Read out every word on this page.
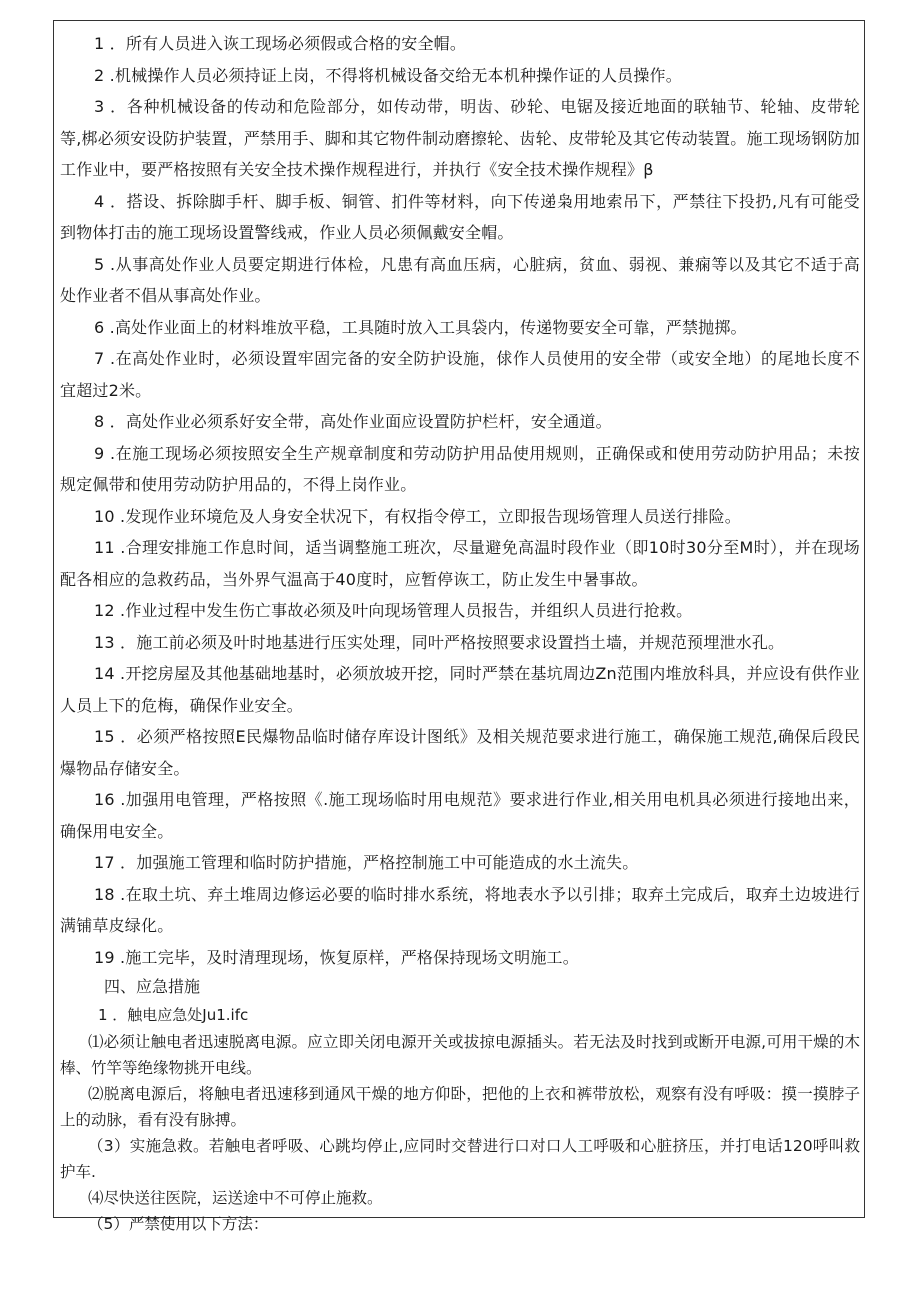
1 ．所有人员进入诙工现场必须假或合格的安全帽。

2 .机械操作人员必须持证上岗，不得将机械设备交给无本机种操作证的人员操作。

3 ．各种机械设备的传动和危险部分，如传动带，明齿、砂轮、电锯及接近地面的联轴节、轮轴、皮带轮等,梆必须安设防护装置，严禁用手、脚和其它物件制动磨擦轮、齿轮、皮带轮及其它传动装置。施工现场钢防加工作业中，要严格按照有关安全技术操作规程进行，并执行《安全技术操作规程》β

4 ．搭设、拆除脚手杆、脚手板、铜管、扪件等材料，向下传递枭用地索吊下，严禁往下投扔,凡有可能受到物体打击的施工现场设置警线戒，作业人员必须佩戴安全帽。

5 .从事高处作业人员要定期进行体检，凡患有高血压病，心脏病，贫血、弱视、兼痫等以及其它不适于高处作业者不倡从事高处作业。

6 .高处作业面上的材料堆放平稳，工具随时放入工具袋内，传递物要安全可靠，严禁抛掷。

7 .在高处作业时，必须设置牢固完备的安全防护设施，俅作人员使用的安全带（或安全地）的尾地长度不宜超过2米。

8 ．高处作业必须系好安全带，高处作业面应设置防护栏杆，安全通道。

9 .在施工现场必须按照安全生产规章制度和劳动防护用品使用规则，正确保或和使用劳动防护用品；未按规定佩带和使用劳动防护用品的，不得上岗作业。

10 .发现作业环境危及人身安全状况下，有权指令停工，立即报告现场管理人员送行排险。

11 .合理安排施工作息时间，适当调整施工班次，尽量避免高温时段作业（即10时30分至M时），并在现场配各相应的急救药品，当外界气温高于40度时，应暂停诙工，防止发生中暑事故。

12 .作业过程中发生伤亡事故必须及叶向现场管理人员报告，并组织人员进行抢救。

13 ．施工前必须及叶时地基进行压实处理，同叶严格按照要求设置挡土墙，并规范预埋泄水孔。

14 .开挖房屋及其他基础地基时，必须放坡开挖，同时严禁在基坑周边Zn范围内堆放科具，并应设有供作业人员上下的危梅，确保作业安全。

15 ．必须严格按照E民爆物品临时储存库设计图纸》及相关规范要求进行施工，确保施工规范,确保后段民爆物品存储安全。

16 .加强用电管理，严格按照《.施工现场临时用电规范》要求进行作业,相关用电机具必须进行接地出来，确保用电安全。

17 ．加强施工管理和临时防护措施，严格控制施工中可能造成的水土流失。

18 .在取土坑、弃土堆周边修运必要的临时排水系统，将地表水予以引排；取弃土完成后，取弃土边坡进行满铺草皮绿化。

19 .施工完毕，及时清理现场，恢复原样，严格保持现场文明施工。

四、应急措施

1 ．触电应急处Ju1.ifc

⑴必须让触电者迅速脱离电源。应立即关闭电源开关或拔掠电源插头。若无法及时找到或断开电源,可用干燥的木棒、竹竿等绝缘物挑开电线。

⑵脱离电源后，将触电者迅速移到通风干燥的地方仰卧，把他的上衣和裤带放松，观察有没有呼吸：摸一摸脖子上的动脉，看有没有脉搏。

（3）实施急救。若触电者呼吸、心跳均停止,应同时交替进行口对口人工呼吸和心脏挤压，并打电话120呼叫救护车.

⑷尽快送往医院，运送途中不可停止施救。

（5）严禁使用以下方法：
